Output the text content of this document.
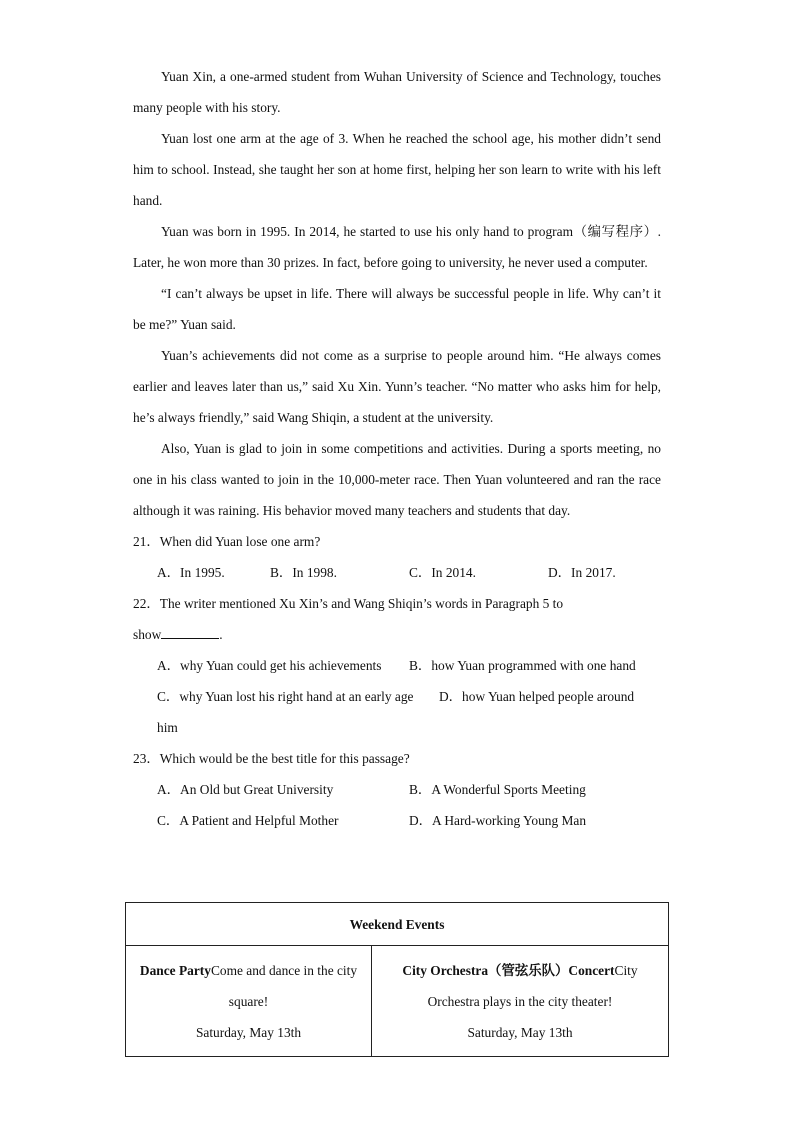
Yuan Xin, a one-armed student from Wuhan University of Science and Technology, touches many people with his story.

Yuan lost one arm at the age of 3. When he reached the school age, his mother didn’t send him to school. Instead, she taught her son at home first, helping her son learn to write with his left hand.

Yuan was born in 1995. In 2014, he started to use his only hand to program（编写程序）. Later, he won more than 30 prizes. In fact, before going to university, he never used a computer.

“I can’t always be upset in life. There will always be successful people in life. Why can’t it be me?” Yuan said.

Yuan’s achievements did not come as a surprise to people around him. “He always comes earlier and leaves later than us,” said Xu Xin. Yunn’s teacher. “No matter who asks him for help, he’s always friendly,” said Wang Shiqin, a student at the university.

Also, Yuan is glad to join in some competitions and activities. During a sports meeting, no one in his class wanted to join in the 10,000-meter race. Then Yuan volunteered and ran the race although it was raining. His behavior moved many teachers and students that day.

21．When did Yuan lose one arm?

A．In 1995.	B．In 1998.	C．In 2014.	D．In 2017.

22．The writer mentioned Xu Xin’s and Wang Shiqin’s words in Paragraph 5 to

show	.

A．why Yuan could get his achievements B．how Yuan programmed with one hand
C．why Yuan lost his right hand at an early age D．how Yuan helped people around
him

23．Which would be the best title for this passage?

A．An Old but Great University	B．A Wonderful Sports Meeting
C．A Patient and Helpful Mother	D．A Hard-working Young Man
Weekend Events

Dance PartyCome and dance in the city
square!
Saturday, May 13th

City Orchestra（管弦乐队）ConcertCity
Orchestra plays in the city theater!
Saturday, May 13th
